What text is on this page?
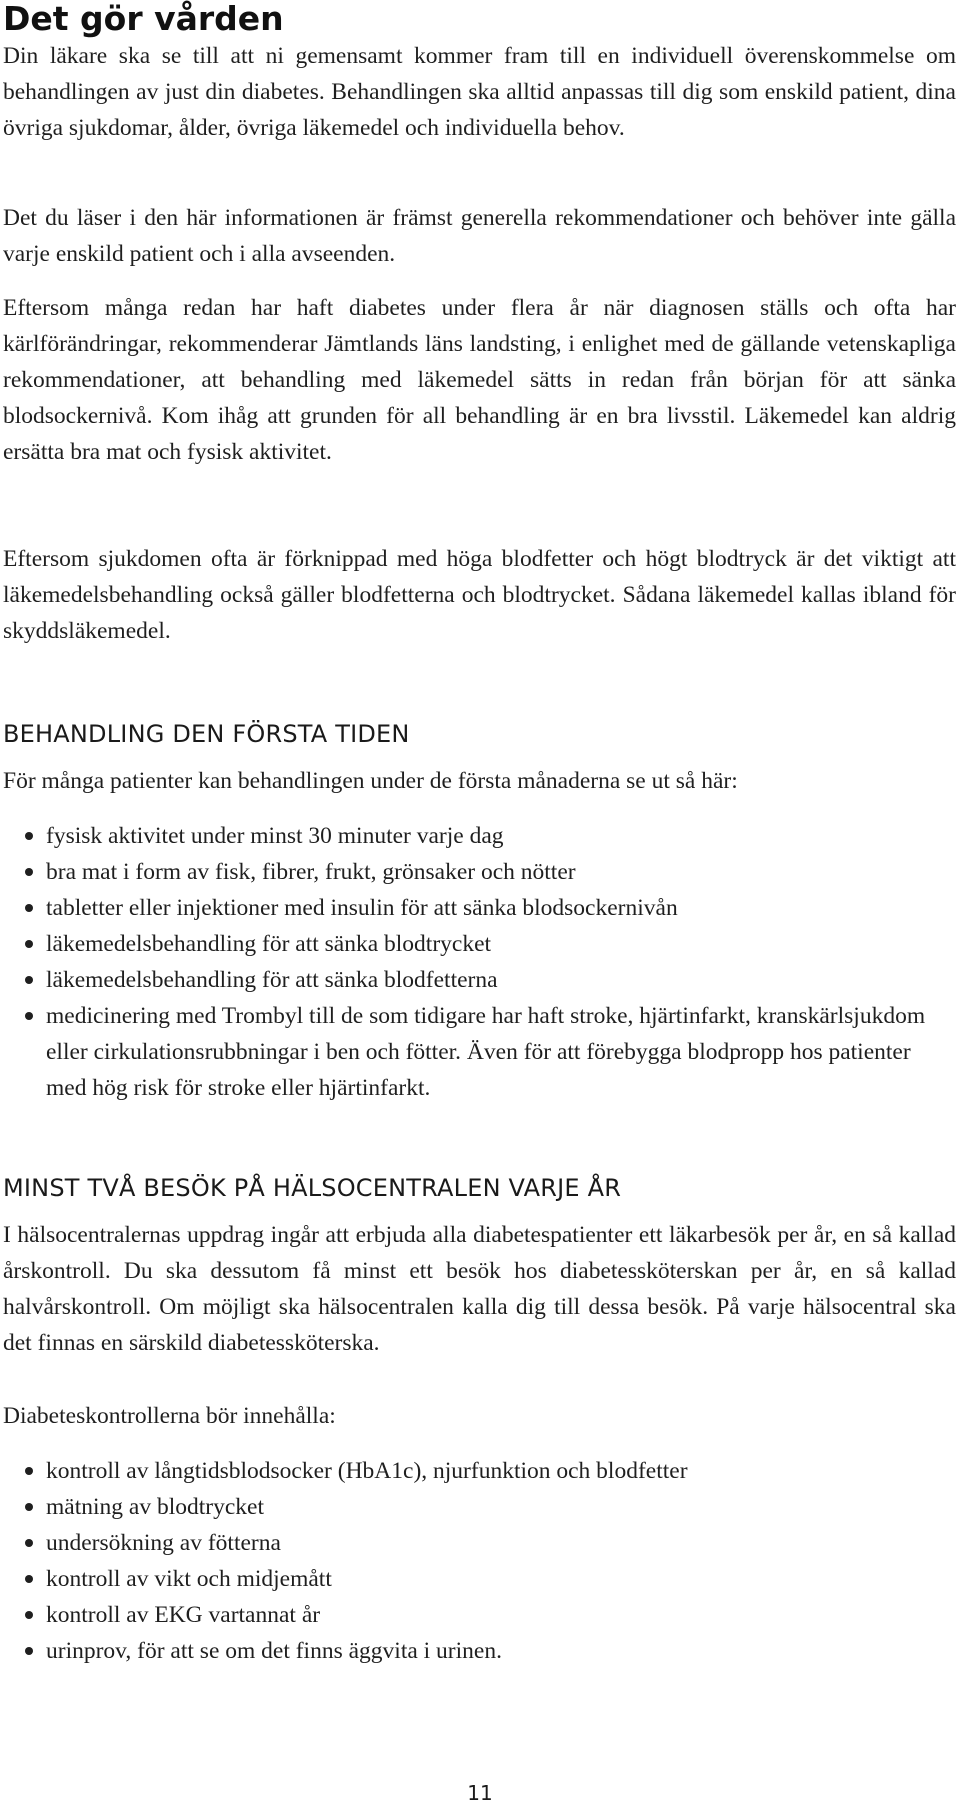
Det gör vården

Din läkare ska se till att ni gemensamt kommer fram till en individuell överenskommelse om behandlingen av just din diabetes. Behandlingen ska alltid anpassas till dig som enskild patient, dina övriga sjukdomar, ålder, övriga läkemedel och individuella behov.

Det du läser i den här informationen är främst generella rekommendationer och behöver inte gälla varje enskild patient och i alla avseenden.

Eftersom många redan har haft diabetes under flera år när diagnosen ställs och ofta har kärlförändringar, rekommenderar Jämtlands läns landsting, i enlighet med de gällande vetenskapliga rekommendationer, att behandling med läkemedel sätts in redan från början för att sänka blodsockernivå. Kom ihåg att grunden för all behandling är en bra livsstil. Läkemedel kan aldrig ersätta bra mat och fysisk aktivitet.

Eftersom sjukdomen ofta är förknippad med höga blodfetter och högt blodtryck är det viktigt att läkemedelsbehandling också gäller blodfetterna och blodtrycket. Sådana läkemedel kallas ibland för skyddsläkemedel.

BEHANDLING DEN FÖRSTA TIDEN

För många patienter kan behandlingen under de första månaderna se ut så här:

fysisk aktivitet under minst 30 minuter varje dag
bra mat i form av fisk, fibrer, frukt, grönsaker och nötter
tabletter eller injektioner med insulin för att sänka blodsockernivån
läkemedelsbehandling för att sänka blodtrycket
läkemedelsbehandling för att sänka blodfetterna
medicinering med Trombyl till de som tidigare har haft stroke, hjärtinfarkt, kranskärlsjukdom eller cirkulationsrubbningar i ben och fötter. Även för att förebygga blodpropp hos patienter med hög risk för stroke eller hjärtinfarkt.
MINST TVÅ BESÖK PÅ HÄLSOCENTRALEN VARJE ÅR

I hälsocentralernas uppdrag ingår att erbjuda alla diabetespatienter ett läkarbesök per år, en så kallad årskontroll. Du ska dessutom få minst ett besök hos diabetessköterskan per år, en så kallad halvårskontroll. Om möjligt ska hälsocentralen kalla dig till dessa besök. På varje hälsocentral ska det finnas en särskild diabetessköterska.

Diabeteskontrollerna bör innehålla:

kontroll av långtidsblodsocker (HbA1c), njurfunktion och blodfetter
mätning av blodtrycket
undersökning av fötterna
kontroll av vikt och midjemått
kontroll av EKG vartannat år
urinprov, för att se om det finns äggvita i urinen.
11
